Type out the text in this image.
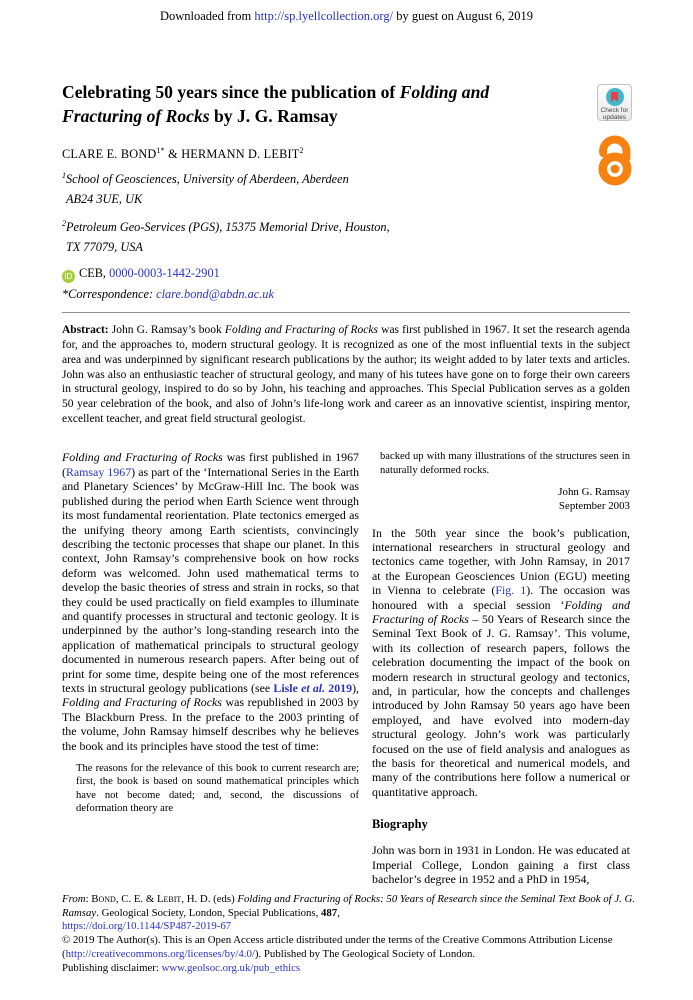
Downloaded from http://sp.lyellcollection.org/ by guest on August 6, 2019
Check for
updates
Celebrating 50 years since the publication of Folding and Fracturing of Rocks by J. G. Ramsay
CLARE E. $BOND^{1*}$ & HERMANN D. LEBIT$^2$
$^1$School of Geosciences, University of Aberdeen, Aberdeen
AB24 3UE, UK
$^2$Petroleum Geo-Services (PGS), 15375 Memorial Drive, Houston,
TX 77079, USA
iD CEB, 0000-0003-1442-2901
*Correspondence: clare.bond@abdn.ac.uk
Abstract: John G. Ramsay’s book Folding and Fracturing of Rocks was first published in 1967. It set the research agenda for, and the approaches to, modern structural geology. It is recognized as one of the most influential texts in the subject area and was underpinned by significant research publications by the author; its weight added to by later texts and articles. John was also an enthusiastic teacher of structural geology, and many of his tutees have gone on to forge their own careers in structural geology, inspired to do so by John, his teaching and approaches. This Special Publication serves as a golden 50 year celebration of the book, and also of John’s life-long work and career as an innovative scientist, inspiring mentor, excellent teacher, and great field structural geologist.
Folding and Fracturing of Rocks was first published in 1967 (Ramsay 1967) as part of the ‘International Series in the Earth and Planetary Sciences’ by McGraw-Hill Inc. The book was published during the period when Earth Science went through its most fundamental reorientation. Plate tectonics emerged as the unifying theory among Earth scientists, convincingly describing the tectonic processes that shape our planet. In this context, John Ramsay’s comprehensive book on how rocks deform was welcomed. John used mathematical terms to develop the basic theories of stress and strain in rocks, so that they could be used practically on field examples to illuminate and quantify processes in structural and tectonic geology. It is underpinned by the author’s long-standing research into the application of mathematical principals to structural geology documented in numerous research papers. After being out of print for some time, despite being one of the most references texts in structural geology publications (see Lisle et al. 2019), Folding and Fracturing of Rocks was republished in 2003 by The Blackburn Press. In the preface to the 2003 printing of the volume, John Ramsay himself describes why he believes the book and its principles have stood the test of time:
The reasons for the relevance of this book to current research are; first, the book is based on sound mathematical principles which have not become dated; and, second, the discussions of deformation theory are
backed up with many illustrations of the structures seen in naturally deformed rocks.
John G. Ramsay
September 2003
In the 50th year since the book’s publication, international researchers in structural geology and tectonics came together, with John Ramsay, in 2017 at the European Geosciences Union (EGU) meeting in Vienna to celebrate (Fig. 1). The occasion was honoured with a special session ‘Folding and Fracturing of Rocks – 50 Years of Research since the Seminal Text Book of J. G. Ramsay’. This volume, with its collection of research papers, follows the celebration documenting the impact of the book on modern research in structural geology and tectonics, and, in particular, how the concepts and challenges introduced by John Ramsay 50 years ago have been employed, and have evolved into modern-day structural geology. John’s work was particularly focused on the use of field analysis and analogues as the basis for theoretical and numerical models, and many of the contributions here follow a numerical or quantitative approach.
Biography
John was born in 1931 in London. He was educated at Imperial College, London gaining a first class bachelor’s degree in 1952 and a PhD in 1954,
From: Bond, C. E. & Lebit, H. D. (eds) Folding and Fracturing of Rocks: 50 Years of Research since the Seminal Text Book of J. G. Ramsay. Geological Society, London, Special Publications, 487,
https://doi.org/10.1144/SP487-2019-67
© 2019 The Author(s). This is an Open Access article distributed under the terms of the Creative Commons Attribution License (http://creativecommons.org/licenses/by/4.0/). Published by The Geological Society of London.
Publishing disclaimer: www.geolsoc.org.uk/pub_ethics
